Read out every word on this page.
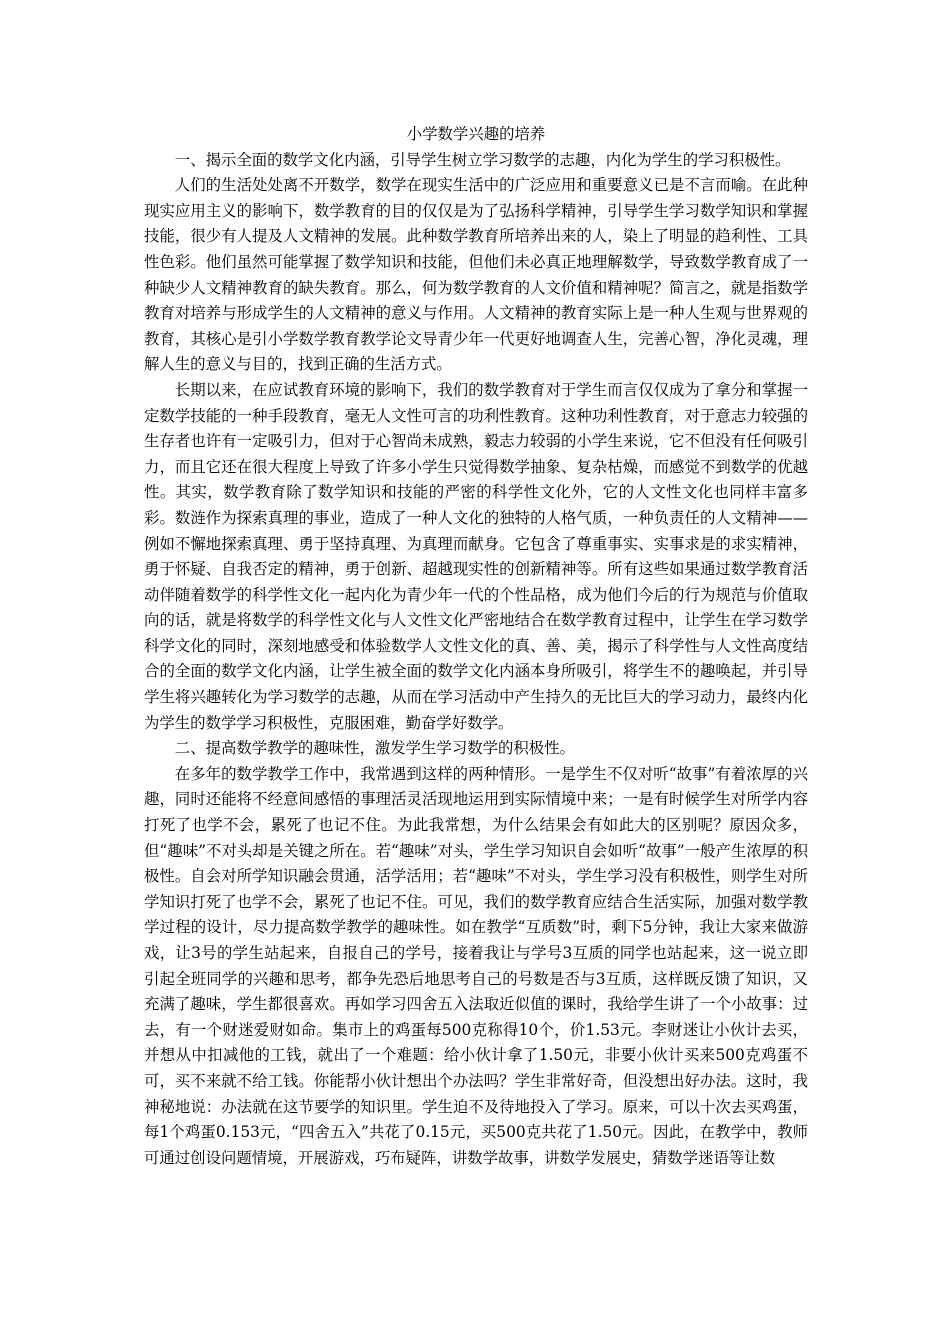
小学数学兴趣的培养

一、揭示全面的数学文化内涵，引导学生树立学习数学的志趣，内化为学生的学习积极性。

人们的生活处处离不开数学，数学在现实生活中的广泛应用和重要意义已是不言而喻。在此种现实应用主义的影响下，数学教育的目的仅仅是为了弘扬科学精神，引导学生学习数学知识和掌握技能，很少有人提及人文精神的发展。此种数学教育所培养出来的人，染上了明显的趋利性、工具性色彩。他们虽然可能掌握了数学知识和技能，但他们未必真正地理解数学，导致数学教育成了一种缺少人文精神教育的缺失教育。那么，何为数学教育的人文价值和精神呢？简言之，就是指数学教育对培养与形成学生的人文精神的意义与作用。人文精神的教育实际上是一种人生观与世界观的教育，其核心是引小学数学教育教学论文导青少年一代更好地调查人生，完善心智，净化灵魂，理解人生的意义与目的，找到正确的生活方式。

长期以来，在应试教育环境的影响下，我们的数学教育对于学生而言仅仅成为了拿分和掌握一定数学技能的一种手段教育，毫无人文性可言的功利性教育。这种功利性教育，对于意志力较强的生存者也许有一定吸引力，但对于心智尚未成熟，毅志力较弱的小学生来说，它不但没有任何吸引力，而且它还在很大程度上导致了许多小学生只觉得数学抽象、复杂枯燥，而感觉不到数学的优越性。其实，数学教育除了数学知识和技能的严密的科学性文化外，它的人文性文化也同样丰富多彩。数涟作为探索真理的事业，造成了一种人文化的独特的人格气质，一种负责任的人文精神——例如不懈地探索真理、勇于坚持真理、为真理而献身。它包含了尊重事实、实事求是的求实精神，勇于怀疑、自我否定的精神，勇于创新、超越现实性的创新精神等。所有这些如果通过数学教育活动伴随着数学的科学性文化一起内化为青少年一代的个性品格，成为他们今后的行为规范与价值取向的话，就是将数学的科学性文化与人文性文化严密地结合在数学教育过程中，让学生在学习数学科学文化的同时，深刻地感受和体验数学人文性文化的真、善、美，揭示了科学性与人文性高度结合的全面的数学文化内涵，让学生被全面的数学文化内涵本身所吸引，将学生不的趣唤起，并引导学生将兴趣转化为学习数学的志趣，从而在学习活动中产生持久的无比巨大的学习动力，最终内化为学生的数学学习积极性，克服困难，勤奋学好数学。

二、提高数学教学的趣味性，激发学生学习数学的积极性。

在多年的数学教学工作中，我常遇到这样的两种情形。一是学生不仅对听“故事”有着浓厚的兴趣，同时还能将不经意间感悟的事理活灵活现地运用到实际情境中来；一是有时候学生对所学内容打死了也学不会，累死了也记不住。为此我常想，为什么结果会有如此大的区别呢？原因众多，但“趣味”不对头却是关键之所在。若“趣味”对头，学生学习知识自会如听“故事”一般产生浓厚的积极性。自会对所学知识融会贯通，活学活用；若“趣味”不对头，学生学习没有积极性，则学生对所学知识打死了也学不会，累死了也记不住。可见，我们的数学教育应结合生活实际，加强对数学教学过程的设计，尽力提高数学教学的趣味性。如在教学“互质数”时，剩下5分钟，我让大家来做游戏，让3号的学生站起来，自报自己的学号，接着我让与学号3互质的同学也站起来，这一说立即引起全班同学的兴趣和思考，都争先恐后地思考自己的号数是否与3互质，这样既反馈了知识，又充满了趣味，学生都很喜欢。再如学习四舍五入法取近似值的课时，我给学生讲了一个小故事：过去，有一个财迷爱财如命。集市上的鸡蛋每500克称得10个，价1.53元。李财迷让小伙计去买，并想从中扣减他的工钱，就出了一个难题：给小伙计拿了1.50元，非要小伙计买来500克鸡蛋不可，买不来就不给工钱。你能帮小伙计想出个办法吗？学生非常好奇，但没想出好办法。这时，我神秘地说：办法就在这节要学的知识里。学生迫不及待地投入了学习。原来，可以十次去买鸡蛋，每1个鸡蛋0.153元，“四舍五入”共花了0.15元，买500克共花了1.50元。因此，在教学中，教师可通过创设问题情境，开展游戏，巧布疑阵，讲数学故事，讲数学发展史，猜数学迷语等让数
